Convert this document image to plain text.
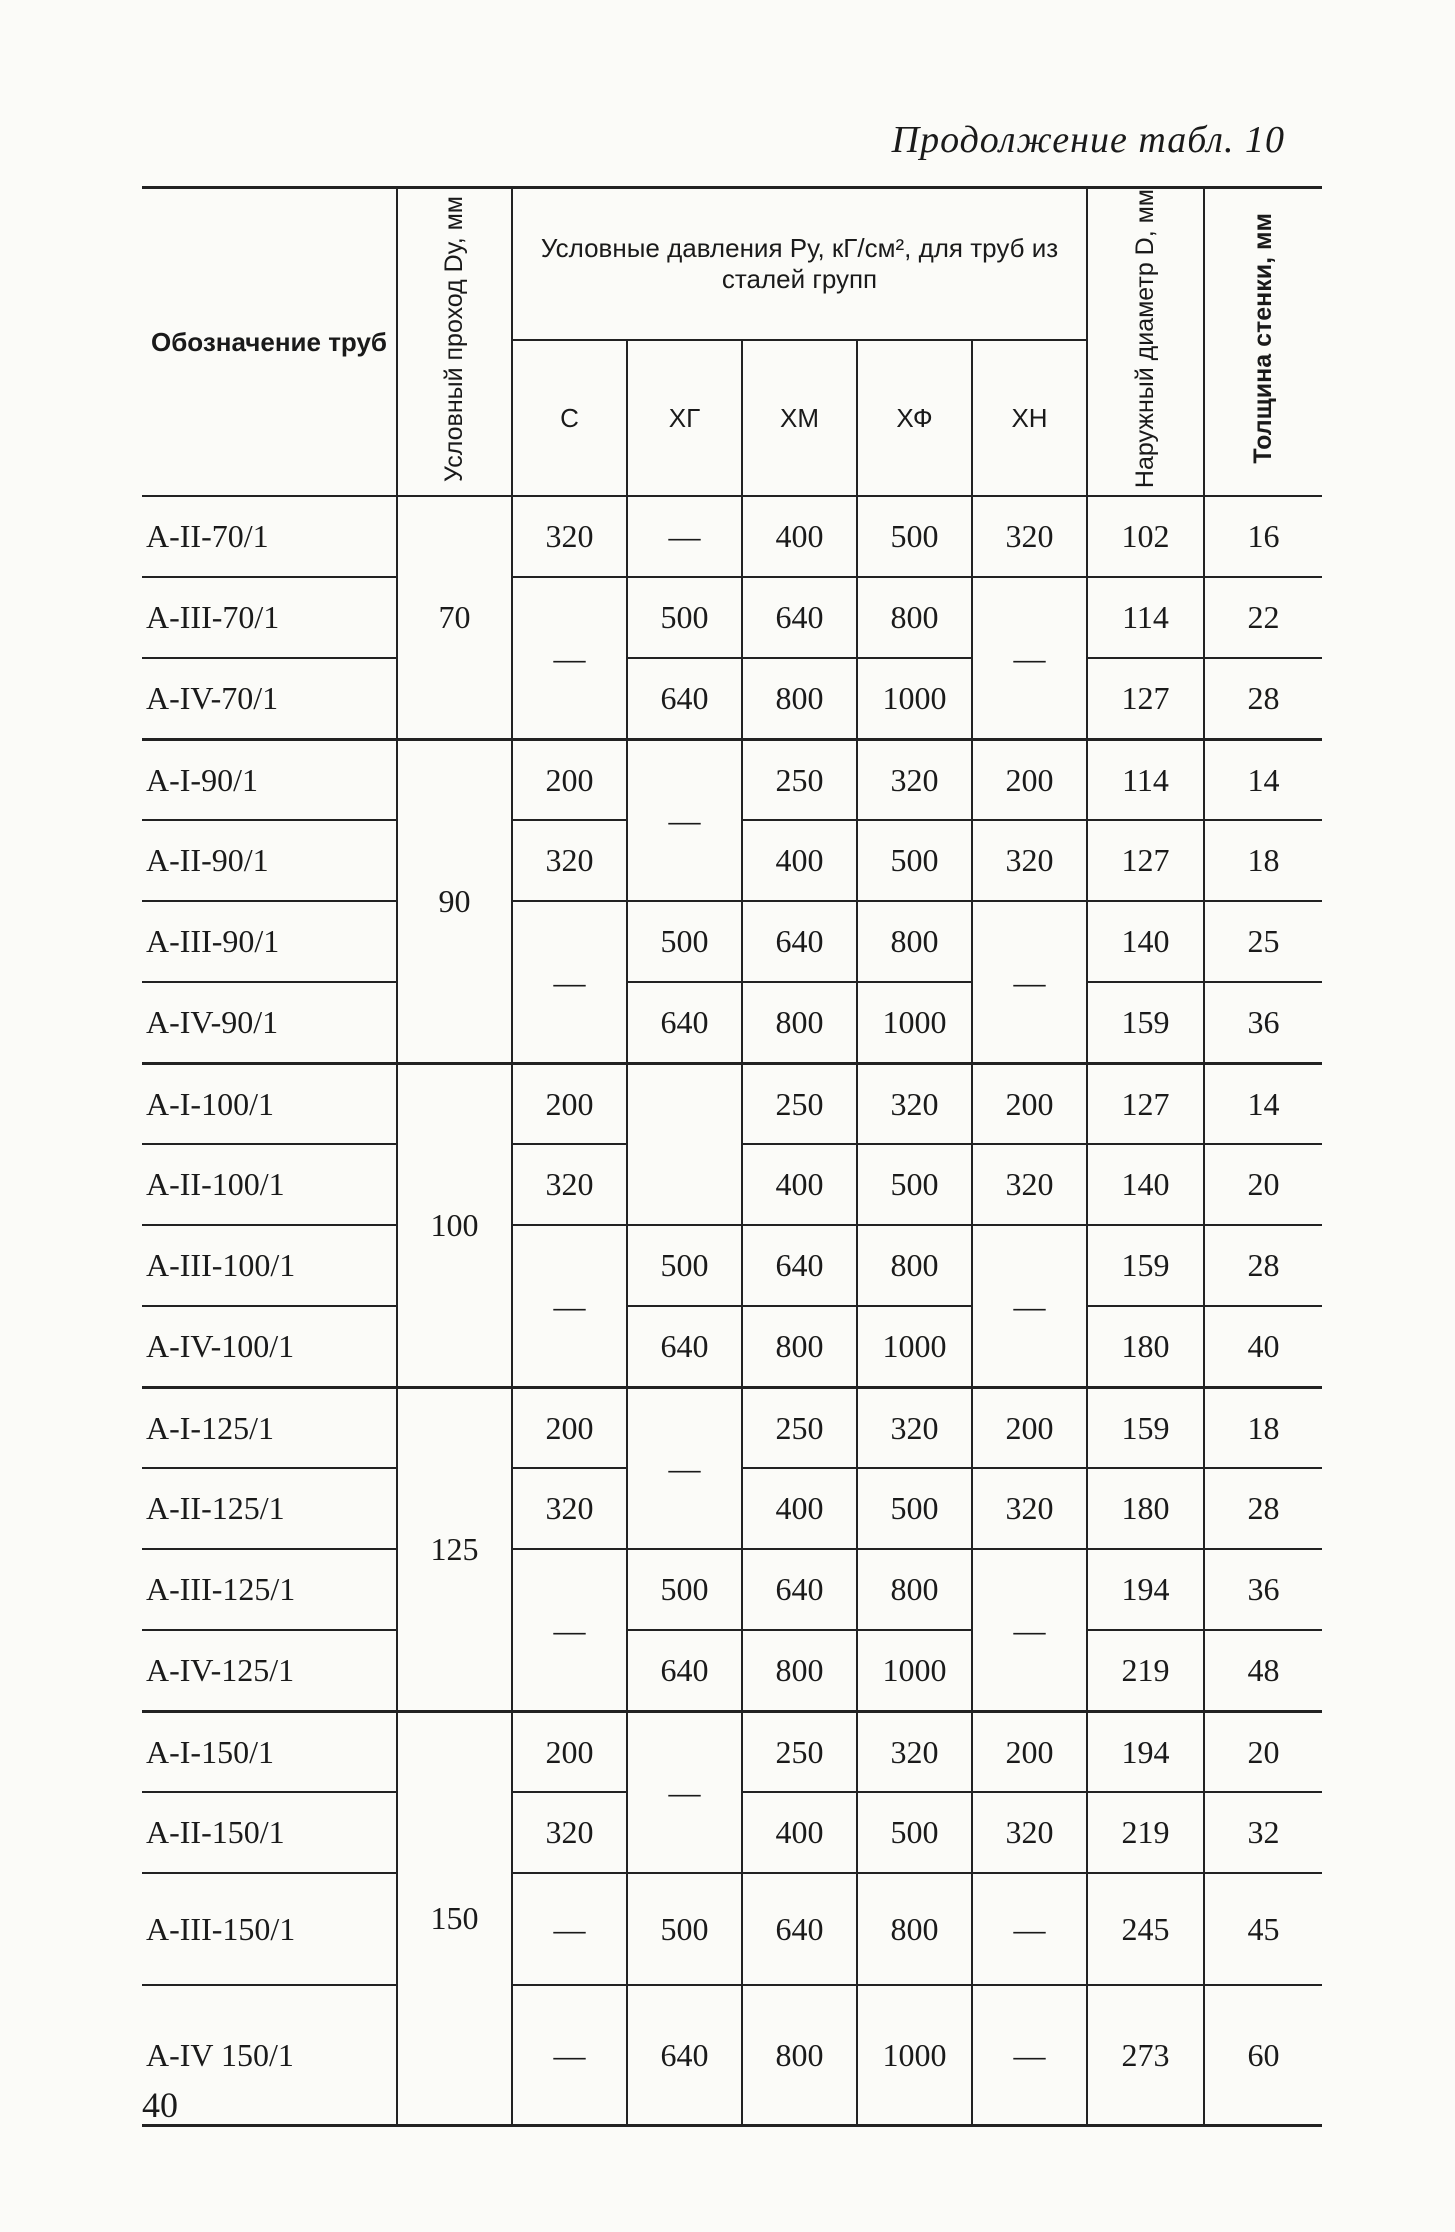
Продолжение табл. 10
Обозначение труб	Условный проход Dу, мм	Условные давления Pу, кГ/см², для труб из сталей групп					Наружный диаметр D, мм	Толщина стенки, мм
		С	ХГ	ХМ	ХФ	ХН		
A-II-70/1	70	320	—	400	500	320	102	16
A-III-70/1		—	500	640	800	—	114	22
A-IV-70/1			640	800	1000		127	28
A-I-90/1	90	200	—	250	320	200	114	14
A-II-90/1		320		400	500	320	127	18
A-III-90/1		—	500	640	800	—	140	25
A-IV-90/1			640	800	1000		159	36
A-I-100/1	100	200		250	320	200	127	14
A-II-100/1		320		400	500	320	140	20
A-III-100/1		—	500	640	800	—	159	28
A-IV-100/1			640	800	1000		180	40
A-I-125/1	125	200	—	250	320	200	159	18
A-II-125/1		320		400	500	320	180	28
A-III-125/1		—	500	640	800	—	194	36
A-IV-125/1			640	800	1000		219	48
A-I-150/1	150	200	—	250	320	200	194	20
A-II-150/1		320		400	500	320	219	32
A-III-150/1		—	500	640	800	—	245	45
A-IV 150/1		—	640	800	1000	—	273	60
40
